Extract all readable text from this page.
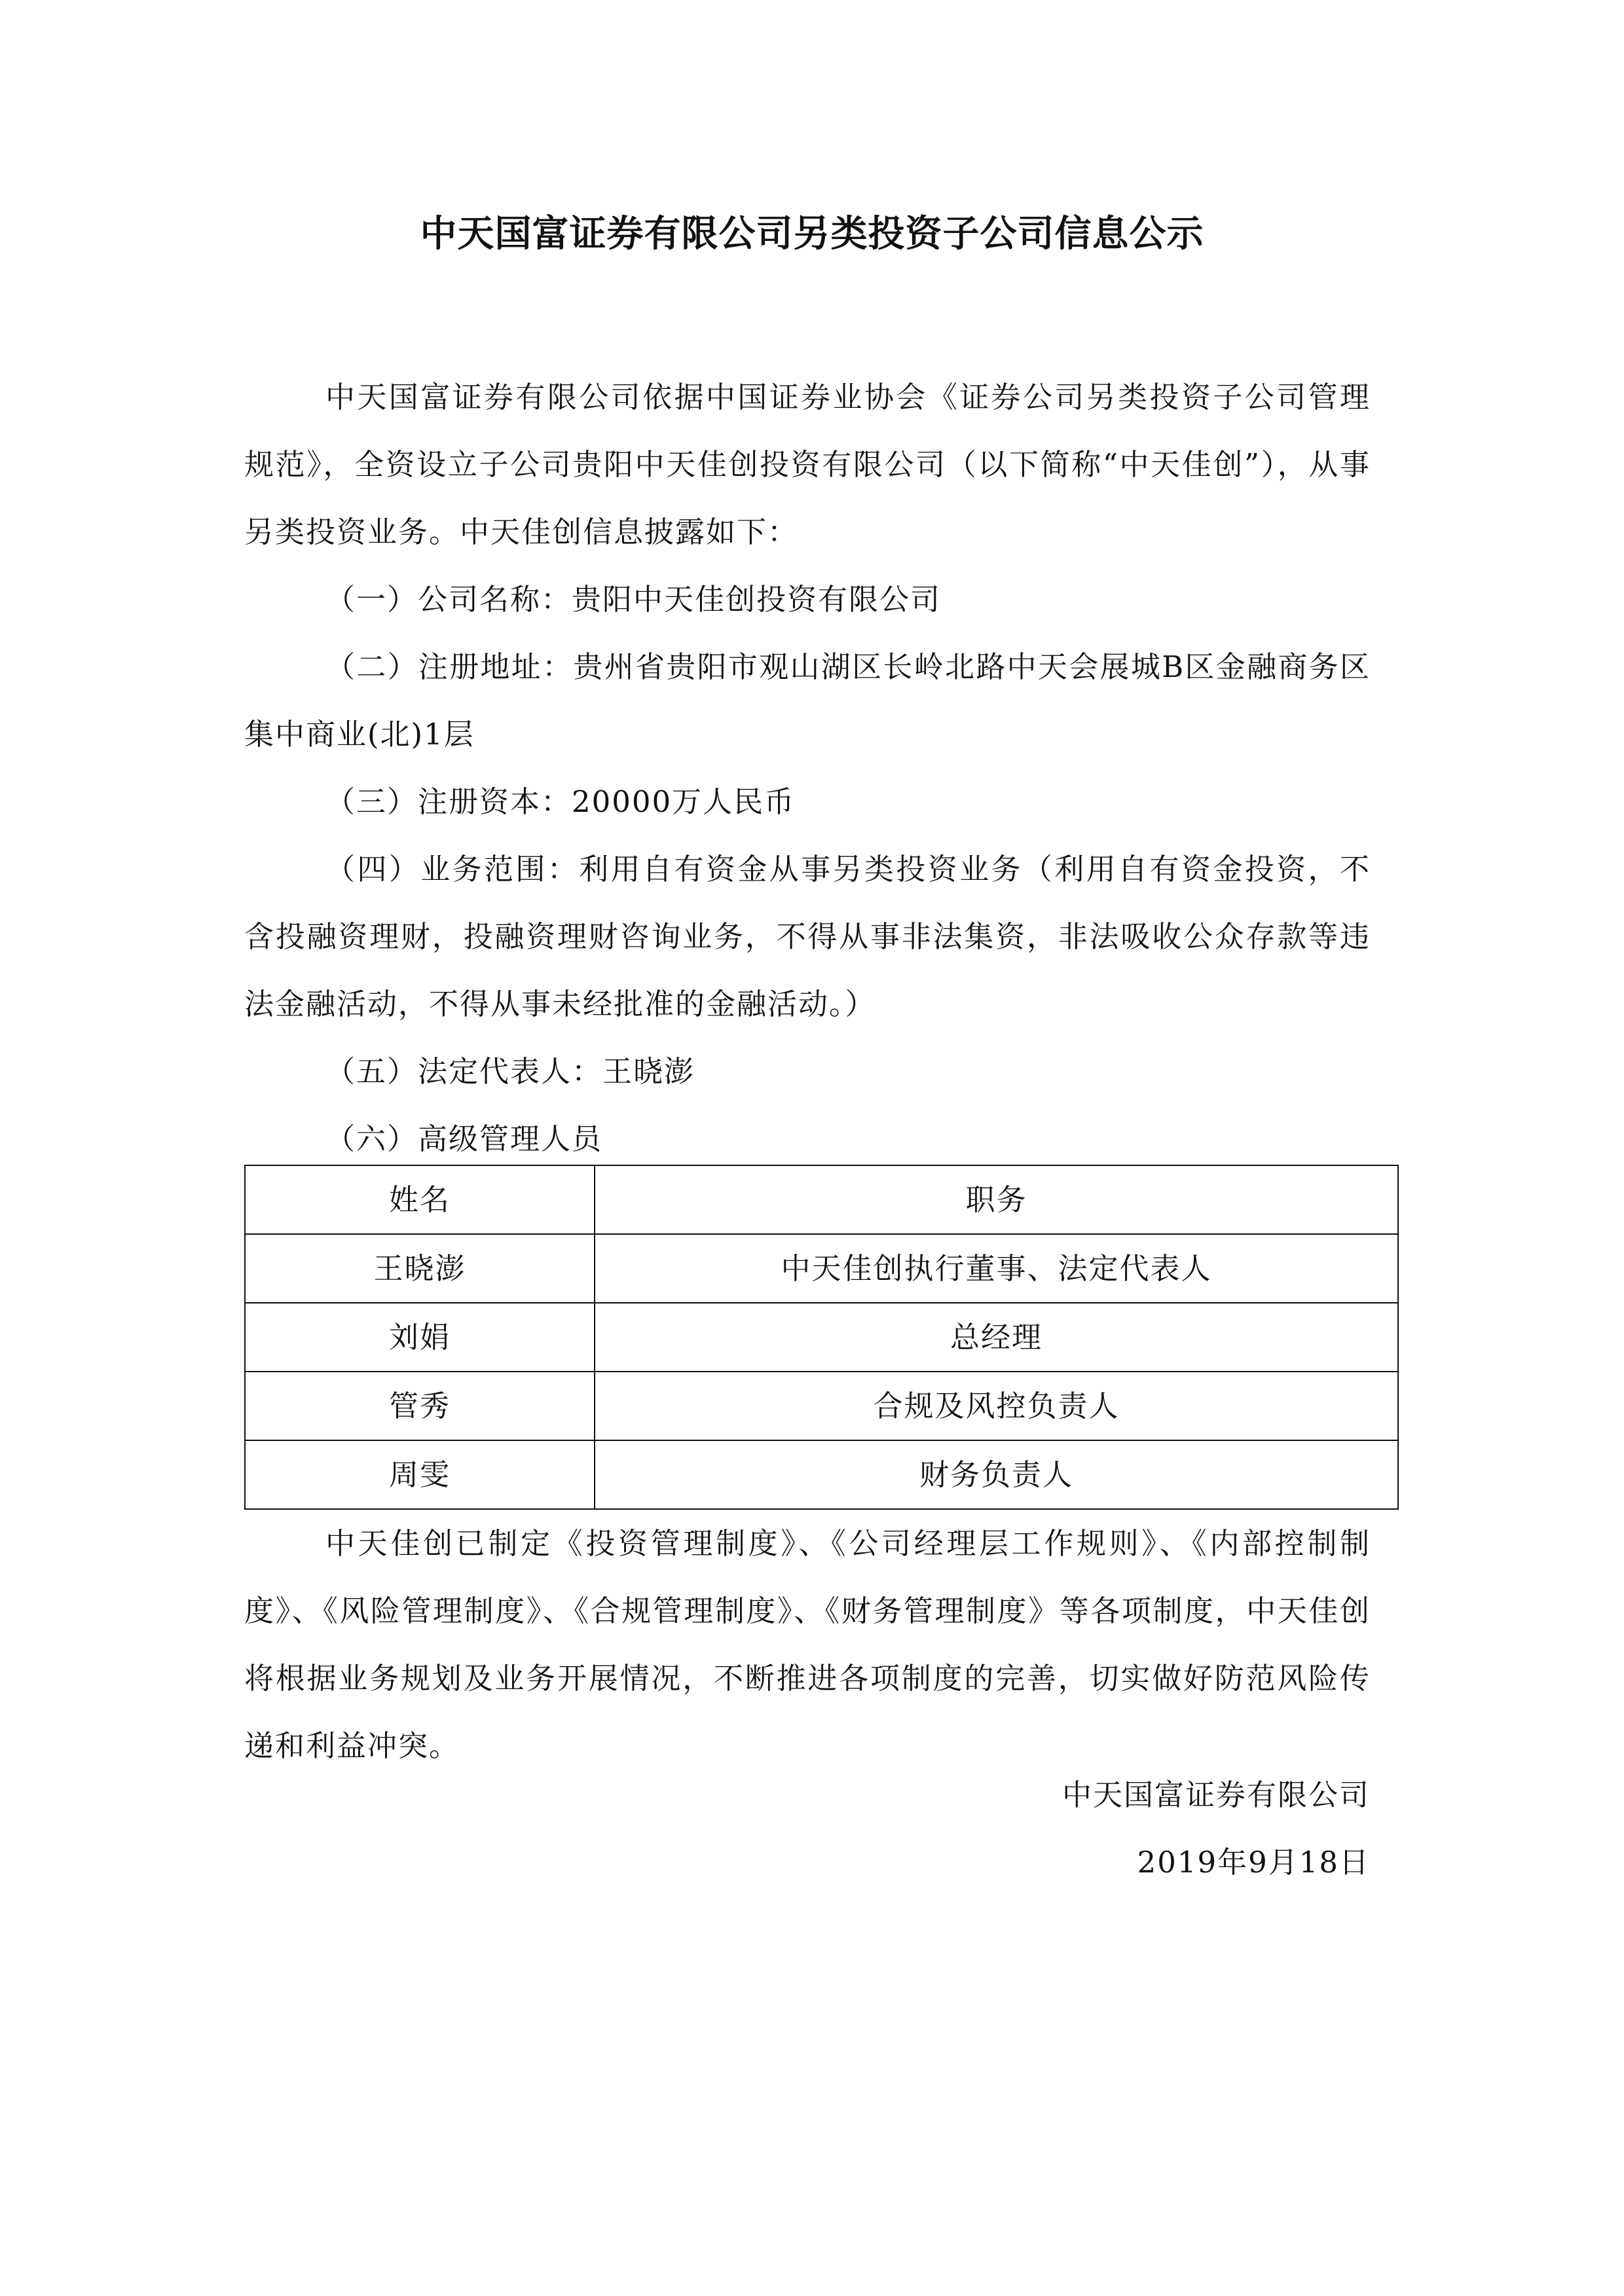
中天国富证券有限公司另类投资子公司信息公示

中天国富证券有限公司依据中国证券业协会《证券公司另类投资子公司管理规范》，全资设立子公司贵阳中天佳创投资有限公司（以下简称“中天佳创”），从事另类投资业务。中天佳创信息披露如下：

（一）公司名称：贵阳中天佳创投资有限公司

（二）注册地址：贵州省贵阳市观山湖区长岭北路中天会展城B区金融商务区集中商业(北)1层

（三）注册资本：20000万人民币

（四）业务范围：利用自有资金从事另类投资业务（利用自有资金投资，不含投融资理财，投融资理财咨询业务，不得从事非法集资，非法吸收公众存款等违法金融活动，不得从事未经批准的金融活动。）

（五）法定代表人：王晓澎

（六）高级管理人员

姓名	职务
王晓澎	中天佳创执行董事、法定代表人
刘娟	总经理
管秀	合规及风控负责人
周雯	财务负责人

中天佳创已制定《投资管理制度》、《公司经理层工作规则》、《内部控制制度》、《风险管理制度》、《合规管理制度》、《财务管理制度》等各项制度，中天佳创将根据业务规划及业务开展情况，不断推进各项制度的完善，切实做好防范风险传递和利益冲突。

中天国富证券有限公司
2019年9月18日
